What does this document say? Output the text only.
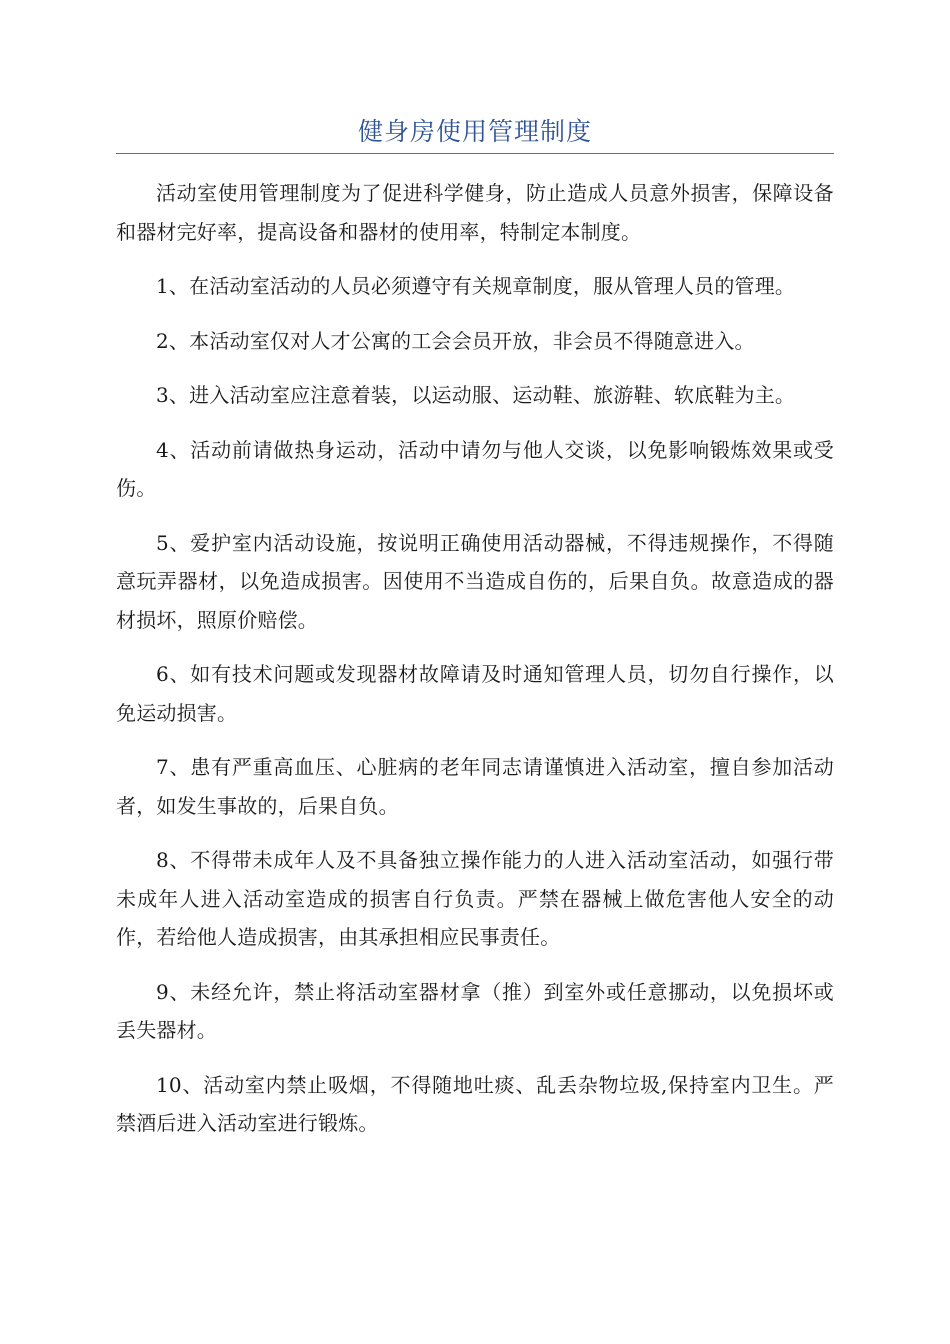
健身房使用管理制度

活动室使用管理制度为了促进科学健身，防止造成人员意外损害，保障设备和器材完好率，提高设备和器材的使用率，特制定本制度。

1、在活动室活动的人员必须遵守有关规章制度，服从管理人员的管理。

2、本活动室仅对人才公寓的工会会员开放，非会员不得随意进入。

3、进入活动室应注意着装，以运动服、运动鞋、旅游鞋、软底鞋为主。

4、活动前请做热身运动，活动中请勿与他人交谈，以免影响锻炼效果或受伤。

5、爱护室内活动设施，按说明正确使用活动器械，不得违规操作，不得随意玩弄器材，以免造成损害。因使用不当造成自伤的，后果自负。故意造成的器材损坏，照原价赔偿。

6、如有技术问题或发现器材故障请及时通知管理人员，切勿自行操作，以免运动损害。

7、患有严重高血压、心脏病的老年同志请谨慎进入活动室，擅自参加活动者，如发生事故的，后果自负。

8、不得带未成年人及不具备独立操作能力的人进入活动室活动，如强行带未成年人进入活动室造成的损害自行负责。严禁在器械上做危害他人安全的动作，若给他人造成损害，由其承担相应民事责任。

9、未经允许，禁止将活动室器材拿（推）到室外或任意挪动，以免损坏或丢失器材。

10、活动室内禁止吸烟，不得随地吐痰、乱丢杂物垃圾,保持室内卫生。严禁酒后进入活动室进行锻炼。
